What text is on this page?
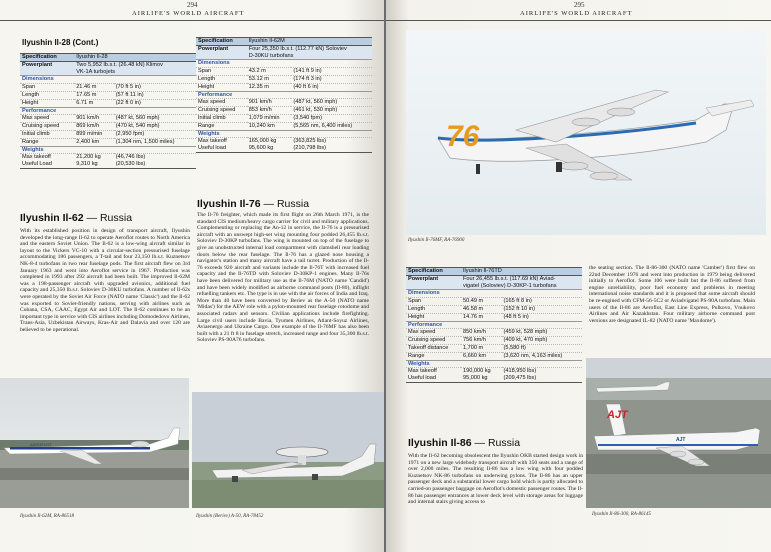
294
AIRLIFE'S WORLD AIRCRAFT
Ilyushin Il-28 (Cont.)
Specification	Ilyushin Il-28	
Powerplant	Two 5,952 lb.s.t. (26.48 kN) Klimov	
	VK-1A turbojets	
Dimensions		
Span	21.46 m	(70 ft 5 in)
Length	17.65 m	(57 ft 11 in)
Height	6.71 m	(22 ft 0 in)
Performance		
Max speed	901 km/h	(487 kt, 560 mph)
Cruising speed	869 km/h	(470 kt, 540 mph)
Initial climb	899 m/min	(2,950 fpm)
Range	2,400 km	(1,304 nm, 1,500 miles)
Weights		
Max takeoff	21,200 kg	(46,746 lbs)
Useful Load	9,310 kg	(20,530 lbs)
Ilyushin Il-62 — Russia

With its established position in design of transport aircraft, Ilyushin developed the long-range Il-62 to operate Aeroflot routes to North America and the eastern Soviet Union. The Il-62 is a low-wing aircraft similar in layout to the Vickers VC-10 with a circular-section pressurised fuselage accommodating 186 passengers, a T-tail and four 23,150 lb.s.t. Kuznetsov NK-8-4 turbofans in two rear fuselage pods. The first aircraft flew on 3rd January 1963 and went into Aeroflot service in 1967. Production was completed in 1993 after 292 aircraft had been built. The improved Il-62M was a 198-passenger aircraft with upgraded avionics, additional fuel capacity and 25,350 lb.s.t. Soloviev D-30KU turbofans. A number of Il-62s were operated by the Soviet Air Force (NATO name 'Classic') and the Il-62 was exported to Soviet-friendly nations, serving with airlines such as Cubana, CSA, CAAC, Egypt Air and LOT. The Il-62 continues to be an important type in service with CIS airlines including Domodedovo Airlines, Trans-Asia, Uzbekistan Airways, Kras-Air and Dalavia and over 120 are believed to be operational.

Specification	Ilyushin Il-62M	
Powerplant	Four 25,350 lb.s.t. (112.77 kN) Soloviev	
	D-30KU turbofans	
Dimensions		
Span	43.2 m	(141 ft 9 in)
Length	53.12 m	(174 ft 3 in)
Height	12.35 m	(40 ft 6 in)
Performance		
Max speed	901 km/h	(487 kt, 560 mph)
Cruising speed	853 km/h	(461 kt, 530 mph)
Initial climb	1,079 m/min	(3,540 fpm)
Range	10,240 km	(5,565 nm, 6,400 miles)
Weights		
Max takeoff	165,000 kg	(363,825 lbs)
Useful load	95,600 kg	(210,798 lbs)
Ilyushin Il-76 — Russia

The Il-76 freighter, which made its first flight on 26th March 1971, is the standard CIS medium/heavy cargo carrier for civil and military applications. Complementing or replacing the An-12 in service, the Il-76 is a pressurised aircraft with an unswept high-set wing mounting four podded 26,455 lb.s.t. Soloviev D-30KP turbofans. The wing is mounted on top of the fuselage to give an unobstructed internal load compartment with clamshell rear loading doors below the rear fuselage. The Il-76 has a glazed nose housing a navigator's station and many aircraft have a tail turret. Production of the Il-76 exceeds 920 aircraft and variants include the Il-76T with increased fuel capacity and the Il-76TD with Soloviev D-30KP-1 engines. Many Il-76s have been delivered for military use as the Il-76M (NATO name 'Candid') and have been widely modified as airborne command posts (Il-80), inflight refuelling tankers etc. The type is in use with the air forces of India and Iraq. More than 40 have been converted by Beriev as the A-50 (NATO name 'Midas') for the AEW role with a pylon-mounted rear fuselage rotodome and associated radars and sensors. Civilian applications include firefighting. Large civil users include Bavia, Tyumen Airlines, Atlant-Soyuz Airlines, Aviaenergo and Ukraine Cargo. One example of the Il-76MF has also been built with a 21 ft 8 in fuselage stretch, increased range and four 35,300 lb.s.t. Soloviev PS-90A76 turbofans.

AEROFLOT
Ilyushin Il-62M, RA-86518	Ilyushin (Beriev) A-50, RA-78452
295
AIRLIFE'S WORLD AIRCRAFT
76
Ilyushin Il-76MF, RA-76900
Specification	Ilyushin Il-76TD	
Powerplant	Four 26,455 lb.s.t. (117.69 kN) Aviad-	
	vigatel (Soloviev) D-30KP-1 turbofans	
Dimensions		
Span	50.49 m	(165 ft 8 in)
Length	46.58 m	(152 ft 10 in)
Height	14.76 m	(48 ft 5 in)
Performance		
Max speed	850 km/h	(459 kt, 528 mph)
Cruising speed	756 km/h	(409 kt, 470 mph)
Takeoff distance	1,700 m	(5,580 ft)
Range	6,660 km	(3,620 nm, 4,163 miles)
Weights		
Max takeoff	190,000 kg	(418,950 lbs)
Useful load	95,000 kg	(209,475 lbs)

the seating section. The Il-86-300 (NATO name 'Camber') first flew on 22nd December 1976 and went into production in 1979 being delivered initially to Aeroflot. Some 106 were built but the Il-86 suffered from engine unreliability, poor fuel economy and problems in meeting international noise standards and it is proposed that some aircraft should be re-engined with CFM-56-5C2 or Aviadvigatel PS-90A turbofans. Main users of the Il-86 are Aeroflot, East Line Express, Pulkovo, Vnukovo Airlines and Air Kazakhstan. Four military airborne command post versions are designated IL-82 (NATO name 'Maxdome').

Ilyushin Il-86 — Russia

With the Il-62 becoming obsolescent the Ilyushin OKB started design work in 1971 on a new large widebody transport aircraft with 350 seats and a range of over 2,000 miles. The resulting Il-86 has a low wing with four podded Kuznetsov NK-86 turbofans on underwing pylons. The Il-86 has an upper passenger deck and a substantial lower cargo hold which is partly allocated to carried-on passenger baggage on Aeroflot's domestic passenger routes. The Il-86 has passenger entrances at lower deck level with storage areas for luggage and internal stairs giving access to

AJT
AJT
Ilyushin Il-86-300, RA-86145
